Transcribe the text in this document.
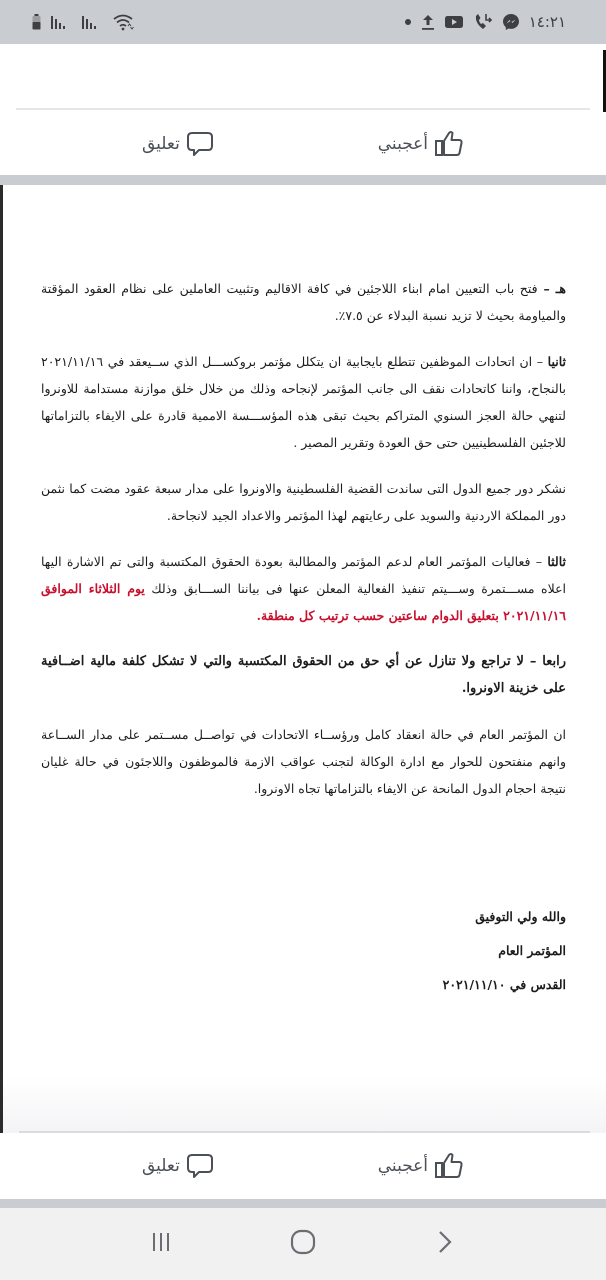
١٤:٢١
أعجبني
تعليق

هـ – فتح باب التعيين امام ابناء اللاجئين في كافة الاقاليم وتثبيت العاملين على نظام العقود المؤقتة والمياومة بحيث لا تزيد نسبة البدلاء عن ٧.٥٪.

ثانيا – ان اتحادات الموظفين تتطلع بايجابية ان يتكلل مؤتمر بروكســـل الذي ســيعقد في ٢٠٢١/١١/١٦ بالنجاح، واننا كاتحادات نقف الى جانب المؤتمر لإنجاحه وذلك من خلال خلق موازنة مستدامة للاونروا لتنهي حالة العجز السنوي المتراكم بحيث تبقى هذه المؤســـسة الاممية قادرة على الايفاء بالتزاماتها للاجئين الفلسطينيين حتى حق العودة وتقرير المصير .

نشكر دور جميع الدول التى ساندت القضية الفلسطينية والاونروا على مدار سبعة عقود مضت كما نثمن دور المملكة الاردنية والسويد على رعايتهم لهذا المؤتمر والاعداد الجيد لانجاحة.

ثالثا – فعاليات المؤتمر العام لدعم المؤتمر والمطالبة بعودة الحقوق المكتسبة والتى تم الاشارة اليها اعلاه مســـتمرة وســـيتم تنفيذ الفعالية المعلن عنها فى بياننا الســـابق وذلك يوم الثلاثاء الموافق ٢٠٢١/١١/١٦ بتعليق الدوام ساعتين حسب ترتيب كل منطقة.

رابعا – لا تراجع ولا تنازل عن أي حق من الحقوق المكتسبة والتي لا تشكل كلفة مالية اضــافية على خزينة الاونروا.

ان المؤتمر العام في حالة انعقاد كامل ورؤســاء الاتحادات في تواصــل مســتمر على مدار الســاعة وانهم منفتحون للحوار مع ادارة الوكالة لتجنب عواقب الازمة فالموظفون واللاجئون في حالة غليان نتيجة احجام الدول المانحة عن الايفاء بالتزاماتها تجاه الاونروا.

والله ولي التوفيق
المؤتمر العام
القدس في ٢٠٢١/١١/١٠
أعجبني
تعليق
